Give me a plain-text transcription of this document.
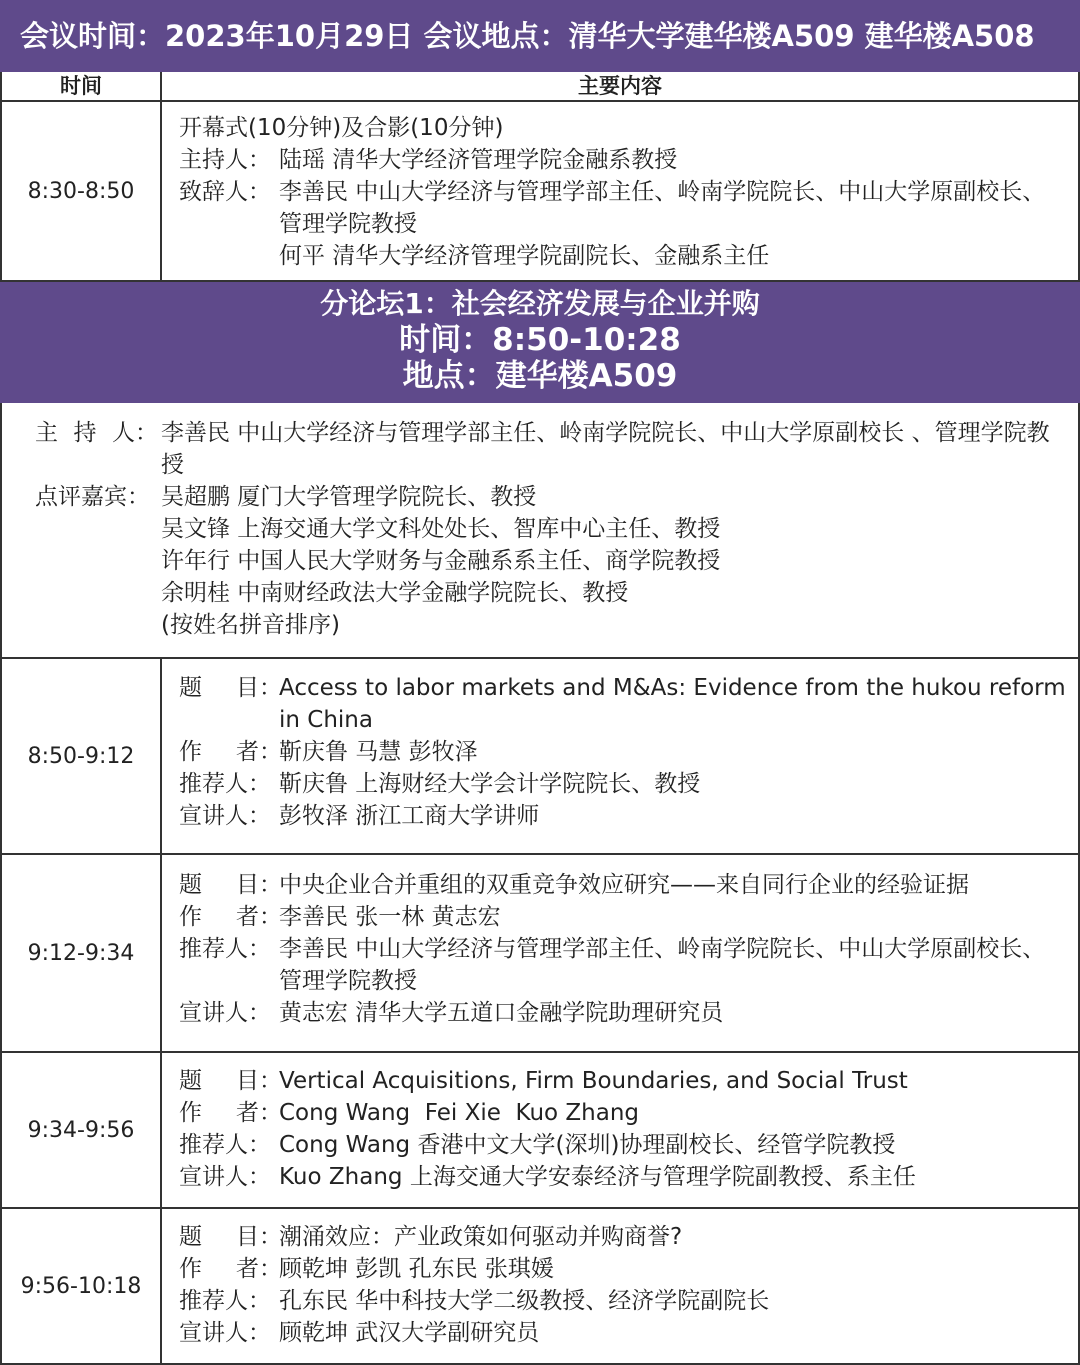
会议时间：2023年10月29日 会议地点：清华大学建华楼A509 建华楼A508
时间	主要内容
8:30-8:50
开幕式(10分钟)及合影(10分钟)
主持人： 陆瑶 清华大学经济管理学院金融系教授
致辞人： 李善民 中山大学经济与管理学部主任、岭南学院院长、中山大学原副校长、管理学院教授
何平 清华大学经济管理学院副院长、金融系主任
分论坛1：社会经济发展与企业并购
时间：8:50-10:28
地点：建华楼A509
主 持 人 ： 李善民 中山大学经济与管理学部主任、岭南学院院长、中山大学原副校长 、管理学院教授
点评嘉宾： 吴超鹏 厦门大学管理学院院长、教授
吴文锋 上海交通大学文科处处长、智库中心主任、教授
许年行 中国人民大学财务与金融系系主任、商学院教授
余明桂 中南财经政法大学金融学院院长、教授
(按姓名拼音排序)
8:50-9:12
题 目 ：
Access to labor markets and M&As: Evidence from the hukou reform in China
作 者 ：
靳庆鲁 马慧 彭牧泽
推荐人： 靳庆鲁 上海财经大学会计学院院长、教授
宣讲人： 彭牧泽 浙江工商大学讲师
9:12-9:34
题 目 ：
中央企业合并重组的双重竞争效应研究——来自同行企业的经验证据
作 者 ：
李善民 张一林 黄志宏
推荐人： 李善民 中山大学经济与管理学部主任、岭南学院院长、中山大学原副校长、管理学院教授
宣讲人： 黄志宏 清华大学五道口金融学院助理研究员
9:34-9:56
题 目 ：
Vertical Acquisitions, Firm Boundaries, and Social Trust
作 者 ：
Cong Wang  Fei Xie  Kuo Zhang
推荐人： Cong Wang 香港中文大学(深圳)协理副校长、经管学院教授
宣讲人： Kuo Zhang 上海交通大学安泰经济与管理学院副教授、系主任
9:56-10:18
题 目 ：
潮涌效应：产业政策如何驱动并购商誉?
作 者 ：
顾乾坤 彭凯 孔东民 张琪媛
推荐人： 孔东民 华中科技大学二级教授、经济学院副院长
宣讲人： 顾乾坤 武汉大学副研究员
